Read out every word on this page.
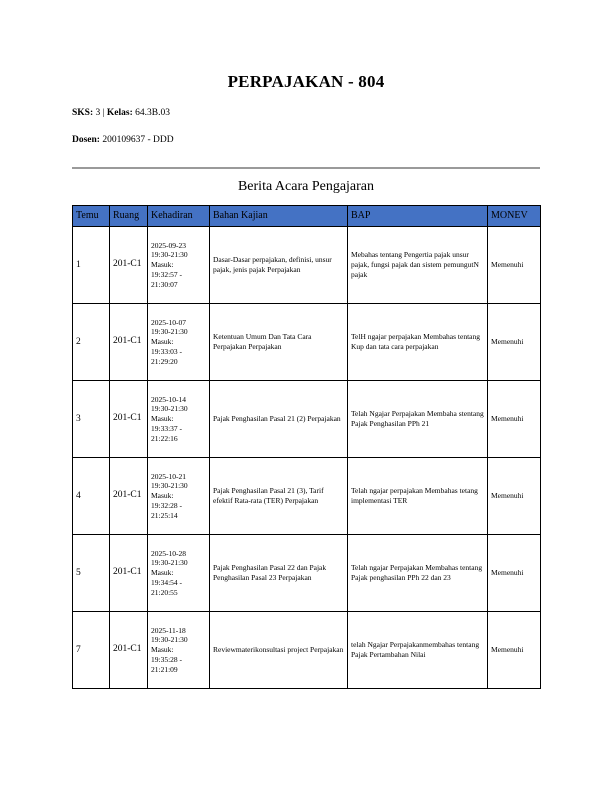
PERPAJAKAN - 804
SKS: 3 | Kelas: 64.3B.03
Dosen: 200109637 - DDD
Berita Acara Pengajaran
Temu	Ruang	Kehadiran	Bahan Kajian	BAP	MONEV
1	201-C1	2025-09-23
19:30-21:30
Masuk:
19:32:57 -
21:30:07	Dasar-Dasar perpajakan, definisi, unsur pajak, jenis pajak Perpajakan	Mebahas tentang Pengertia pajak unsur pajak, fungsi pajak dan sistem pemungutN pajak	Memenuhi
2	201-C1	2025-10-07
19:30-21:30
Masuk:
19:33:03 -
21:29:20	Ketentuan Umum Dan Tata Cara Perpajakan Perpajakan	TelH ngajar perpajakan Membahas tentang Kup dan tata cara perpajakan	Memenuhi
3	201-C1	2025-10-14
19:30-21:30
Masuk:
19:33:37 -
21:22:16	Pajak Penghasilan Pasal 21 (2) Perpajakan	Telah Ngajar Perpajakan Membaha stentang Pajak Penghasilan PPh 21	Memenuhi
4	201-C1	2025-10-21
19:30-21:30
Masuk:
19:32:28 -
21:25:14	Pajak Penghasilan Pasal 21 (3), Tarif efektif Rata-rata (TER) Perpajakan	Telah ngajar perpajakan Membahas tetang implementasi TER	Memenuhi
5	201-C1	2025-10-28
19:30-21:30
Masuk:
19:34:54 -
21:20:55	Pajak Penghasilan Pasal 22 dan Pajak Penghasilan Pasal 23 Perpajakan	Telah ngajar Perpajakan Membahas tentang Pajak penghasilan PPh 22 dan 23	Memenuhi
7	201-C1	2025-11-18
19:30-21:30
Masuk:
19:35:28 -
21:21:09	Reviewmaterikonsultasi project Perpajakan	telah Ngajar Perpajakanmembahas tentang Pajak Pertambahan Nilai	Memenuhi
